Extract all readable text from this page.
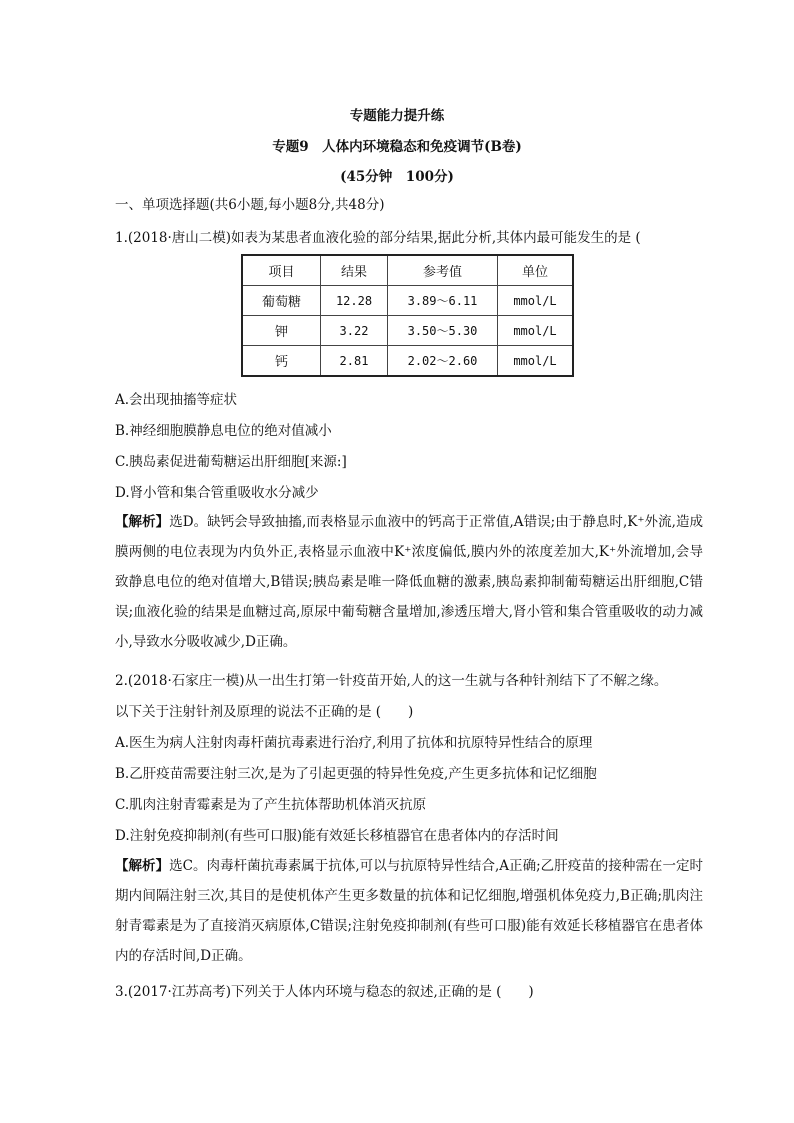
专题能力提升练
专题9　人体内环境稳态和免疫调节(B卷)
(45分钟　100分)
一、单项选择题(共6小题,每小题8分,共48分)
1.(2018·唐山二模)如表为某患者血液化验的部分结果,据此分析,其体内最可能发生的是 (
项目	结果	参考值	单位
葡萄糖	12.28	3.89～6.11	mmol/L
钾	3.22	3.50～5.30	mmol/L
钙	2.81	2.02～2.60	mmol/L
A.会出现抽搐等症状
B.神经细胞膜静息电位的绝对值减小
C.胰岛素促进葡萄糖运出肝细胞[来源:]
D.肾小管和集合管重吸收水分减少
【解析】选D。缺钙会导致抽搐,而表格显示血液中的钙高于正常值,A错误;由于静息时,K⁺外流,造成膜两侧的电位表现为内负外正,表格显示血液中K⁺浓度偏低,膜内外的浓度差加大,K⁺外流增加,会导致静息电位的绝对值增大,B错误;胰岛素是唯一降低血糖的激素,胰岛素抑制葡萄糖运出肝细胞,C错误;血液化验的结果是血糖过高,原尿中葡萄糖含量增加,渗透压增大,肾小管和集合管重吸收的动力减小,导致水分吸收减少,D正确。
2.(2018·石家庄一模)从一出生打第一针疫苗开始,人的这一生就与各种针剂结下了不解之缘。
以下关于注射针剂及原理的说法不正确的是 (　　)
A.医生为病人注射肉毒杆菌抗毒素进行治疗,利用了抗体和抗原特异性结合的原理
B.乙肝疫苗需要注射三次,是为了引起更强的特异性免疫,产生更多抗体和记忆细胞
C.肌肉注射青霉素是为了产生抗体帮助机体消灭抗原
D.注射免疫抑制剂(有些可口服)能有效延长移植器官在患者体内的存活时间
【解析】选C。肉毒杆菌抗毒素属于抗体,可以与抗原特异性结合,A正确;乙肝疫苗的接种需在一定时期内间隔注射三次,其目的是使机体产生更多数量的抗体和记忆细胞,增强机体免疫力,B正确;肌肉注射青霉素是为了直接消灭病原体,C错误;注射免疫抑制剂(有些可口服)能有效延长移植器官在患者体内的存活时间,D正确。
3.(2017·江苏高考)下列关于人体内环境与稳态的叙述,正确的是 (　　)
